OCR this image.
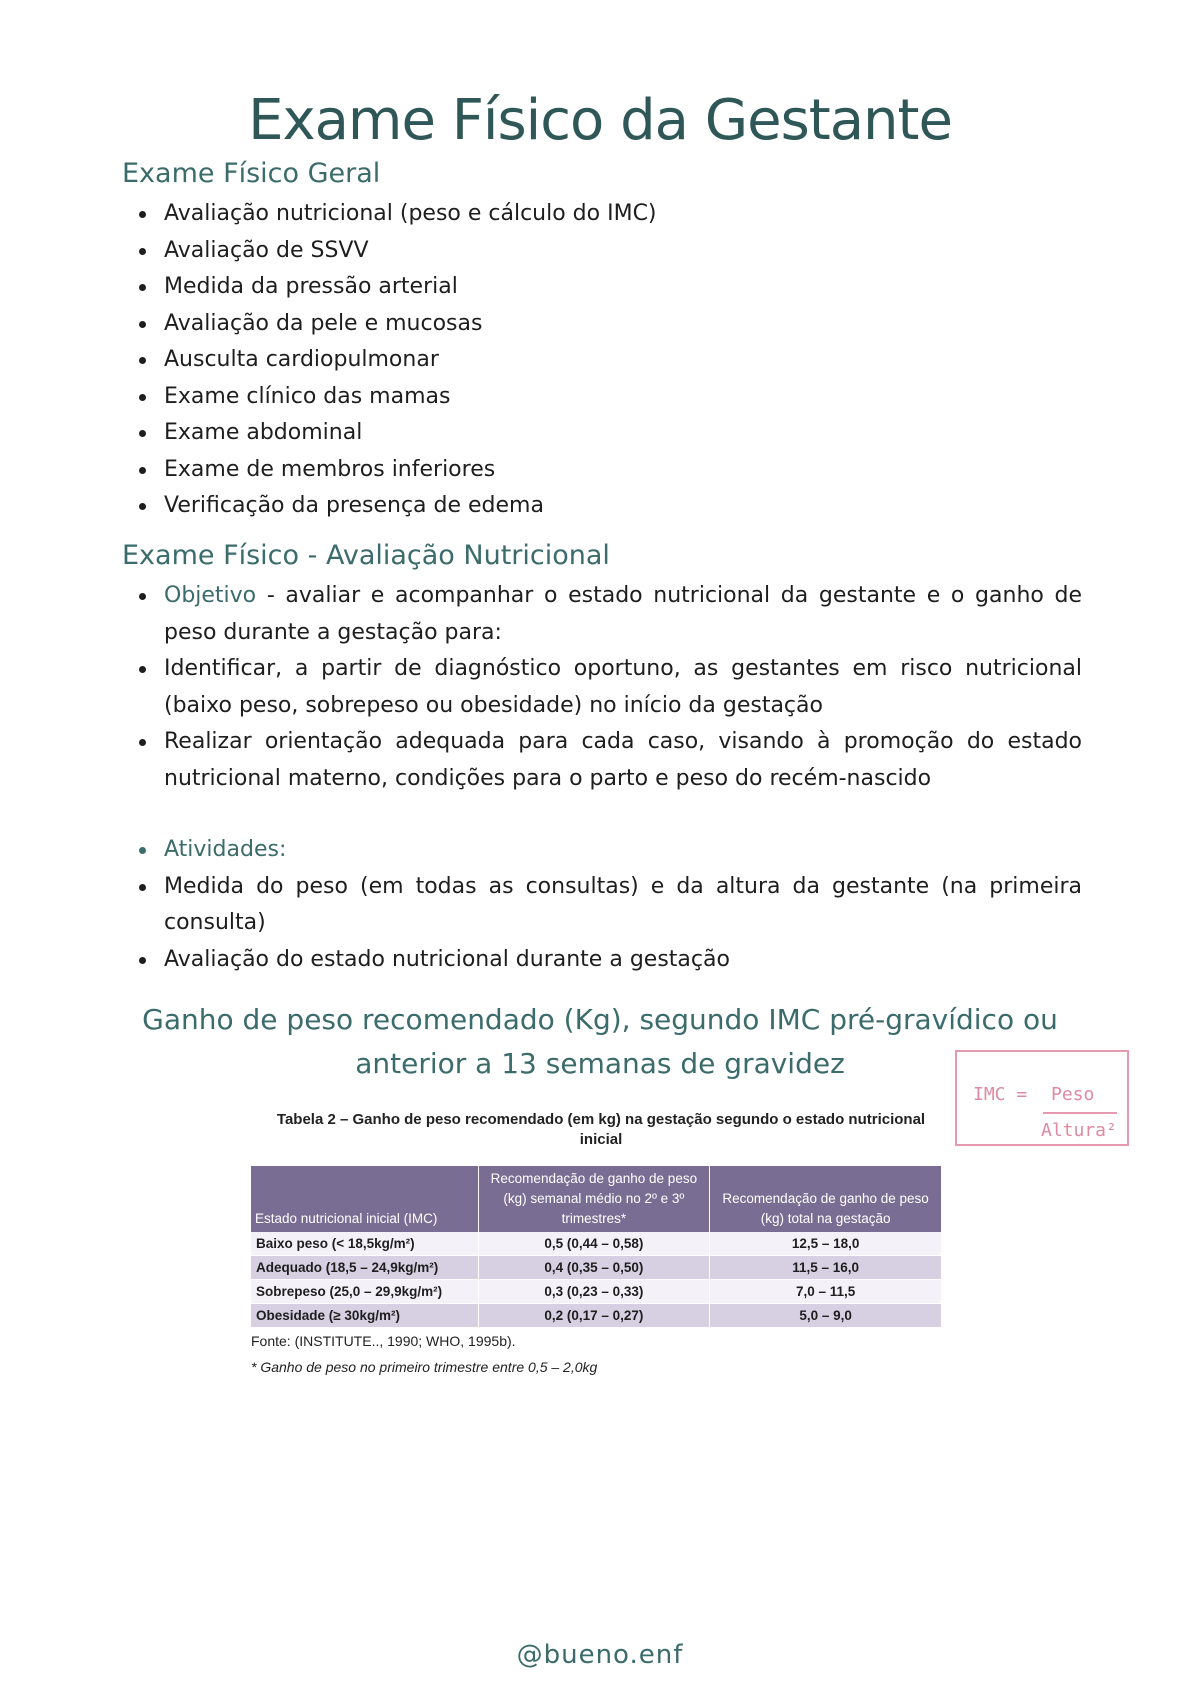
Exame Físico da Gestante
Exame Físico Geral
Avaliação nutricional (peso e cálculo do IMC)
Avaliação de SSVV
Medida da pressão arterial
Avaliação da pele e mucosas
Ausculta cardiopulmonar
Exame clínico das mamas
Exame abdominal
Exame de membros inferiores
Verificação da presença de edema
Exame Físico - Avaliação Nutricional
Objetivo - avaliar e acompanhar o estado nutricional da gestante e o ganho de peso durante a gestação para:
Identificar, a partir de diagnóstico oportuno, as gestantes em risco nutricional (baixo peso, sobrepeso ou obesidade) no início da gestação
Realizar orientação adequada para cada caso, visando à promoção do estado nutricional materno, condições para o parto e peso do recém-nascido
Atividades:
Medida do peso (em todas as consultas) e da altura da gestante (na primeira consulta)
Avaliação do estado nutricional durante a gestação
Ganho de peso recomendado (Kg), segundo IMC pré-gravídico ou anterior a 13 semanas de gravidez
IMC = Peso
Altura²

Tabela 2 – Ganho de peso recomendado (em kg) na gestação segundo o estado nutricional inicial

Estado nutricional inicial (IMC)	Recomendação de ganho de peso (kg) semanal médio no 2º e 3º trimestres*	Recomendação de ganho de peso (kg) total na gestação
Baixo peso (< 18,5kg/m²)	0,5 (0,44 – 0,58)	12,5 – 18,0
Adequado (18,5 – 24,9kg/m²)	0,4 (0,35 – 0,50)	11,5 – 16,0
Sobrepeso (25,0 – 29,9kg/m²)	0,3 (0,23 – 0,33)	7,0 – 11,5
Obesidade (≥ 30kg/m²)	0,2 (0,17 – 0,27)	5,0 – 9,0
Fonte: (INSTITUTE.., 1990; WHO, 1995b).
* Ganho de peso no primeiro trimestre entre 0,5 – 2,0kg
@bueno.enf
